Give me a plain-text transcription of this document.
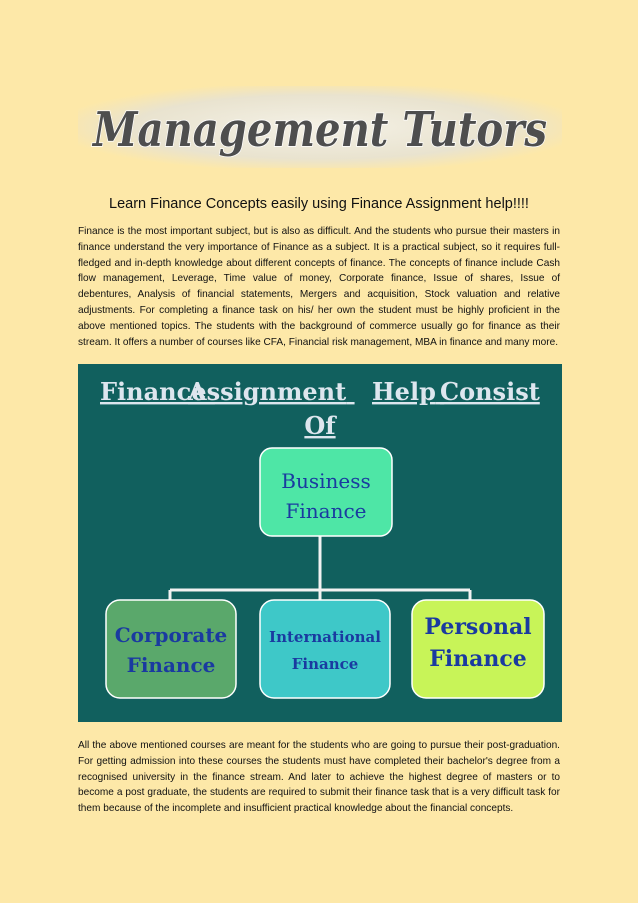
Management Tutors
Learn Finance Concepts easily using Finance Assignment help!!!!

Finance is the most important subject, but is also as difficult. And the students who pursue their masters in finance understand the very importance of Finance as a subject. It is a practical subject, so it requires full-fledged and in-depth knowledge about different concepts of finance. The concepts of finance include Cash flow management, Leverage, Time value of money, Corporate finance, Issue of shares, Issue of debentures, Analysis of financial statements, Mergers and acquisition, Stock valuation and relative adjustments. For completing a finance task on his/ her own the student must be highly proficient in the above mentioned topics. The students with the background of commerce usually go for finance as their stream. It offers a number of courses like CFA, Financial risk management, MBA in finance and many more.

Finance Assignment Help Consist
Of
Business
Finance
Corporate
Finance
International
Finance
Personal
Finance

All the above mentioned courses are meant for the students who are going to pursue their post-graduation. For getting admission into these courses the students must have completed their bachelor's degree from a recognised university in the finance stream. And later to achieve the highest degree of masters or to become a post graduate, the students are required to submit their finance task that is a very difficult task for them because of the incomplete and insufficient practical knowledge about the financial concepts.
